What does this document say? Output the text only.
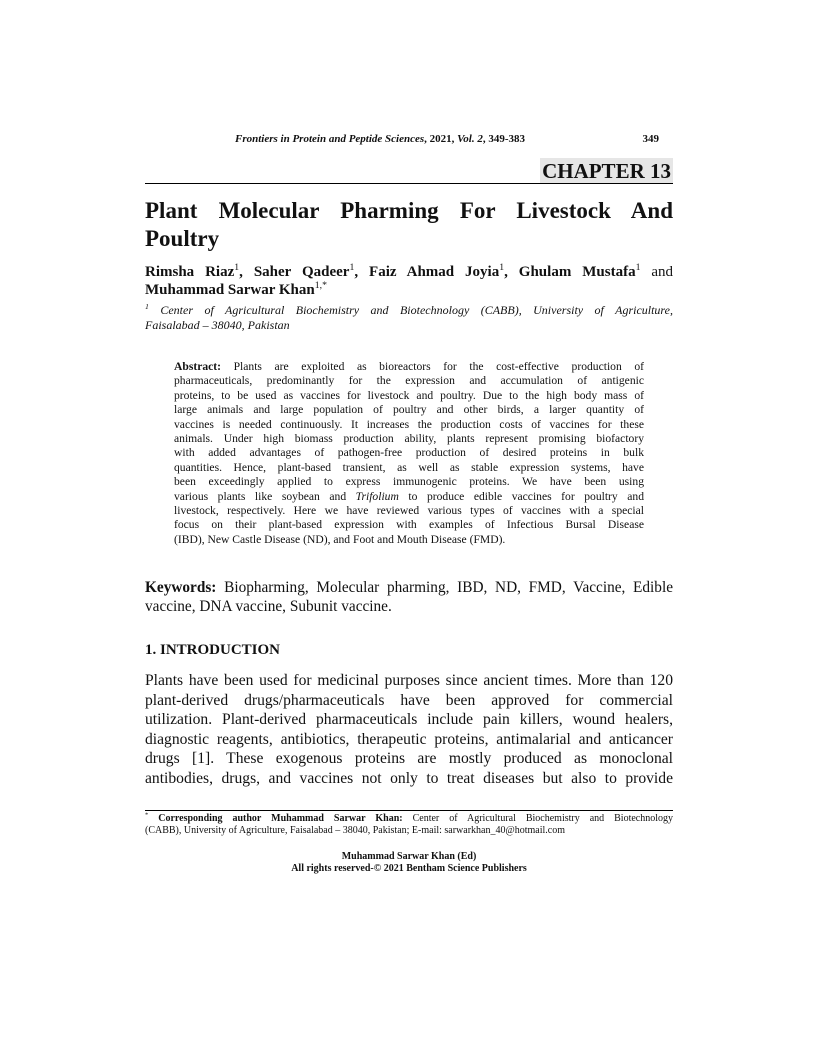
Frontiers in Protein and Peptide Sciences, 2021, Vol. 2, 349-383	349
CHAPTER 13
Plant Molecular Pharming For Livestock And
Poultry
Rimsha Riaz$^1$, Saher Qadeer$^1$, Faiz Ahmad Joyia$^1$, Ghulam Mustafa$^1$ and
Muhammad Sarwar Khan$^{1,*}$
$^1$ Center of Agricultural Biochemistry and Biotechnology (CABB), University of Agriculture,
Faisalabad – 38040, Pakistan
Abstract: Plants are exploited as bioreactors for the cost-effective production of
pharmaceuticals, predominantly for the expression and accumulation of antigenic
proteins, to be used as vaccines for livestock and poultry. Due to the high body mass of
large animals and large population of poultry and other birds, a larger quantity of
vaccines is needed continuously. It increases the production costs of vaccines for these
animals. Under high biomass production ability, plants represent promising biofactory
with added advantages of pathogen-free production of desired proteins in bulk
quantities. Hence, plant-based transient, as well as stable expression systems, have
been exceedingly applied to express immunogenic proteins. We have been using
various plants like soybean and Trifolium to produce edible vaccines for poultry and
livestock, respectively. Here we have reviewed various types of vaccines with a special
focus on their plant-based expression with examples of Infectious Bursal Disease
(IBD), New Castle Disease (ND), and Foot and Mouth Disease (FMD).
Keywords: Biopharming, Molecular pharming, IBD, ND, FMD, Vaccine, Edible
vaccine, DNA vaccine, Subunit vaccine.
1. INTRODUCTION
Plants have been used for medicinal purposes since ancient times. More than 120
plant-derived drugs/pharmaceuticals have been approved for commercial
utilization. Plant-derived pharmaceuticals include pain killers, wound healers,
diagnostic reagents, antibiotics, therapeutic proteins, antimalarial and anticancer
drugs [1]. These exogenous proteins are mostly produced as monoclonal
antibodies, drugs, and vaccines not only to treat diseases but also to provide
* Corresponding author Muhammad Sarwar Khan: Center of Agricultural Biochemistry and Biotechnology
(CABB), University of Agriculture, Faisalabad – 38040, Pakistan; E-mail: sarwarkhan_40@hotmail.com
Muhammad Sarwar Khan (Ed)
All rights reserved-© 2021 Bentham Science Publishers
